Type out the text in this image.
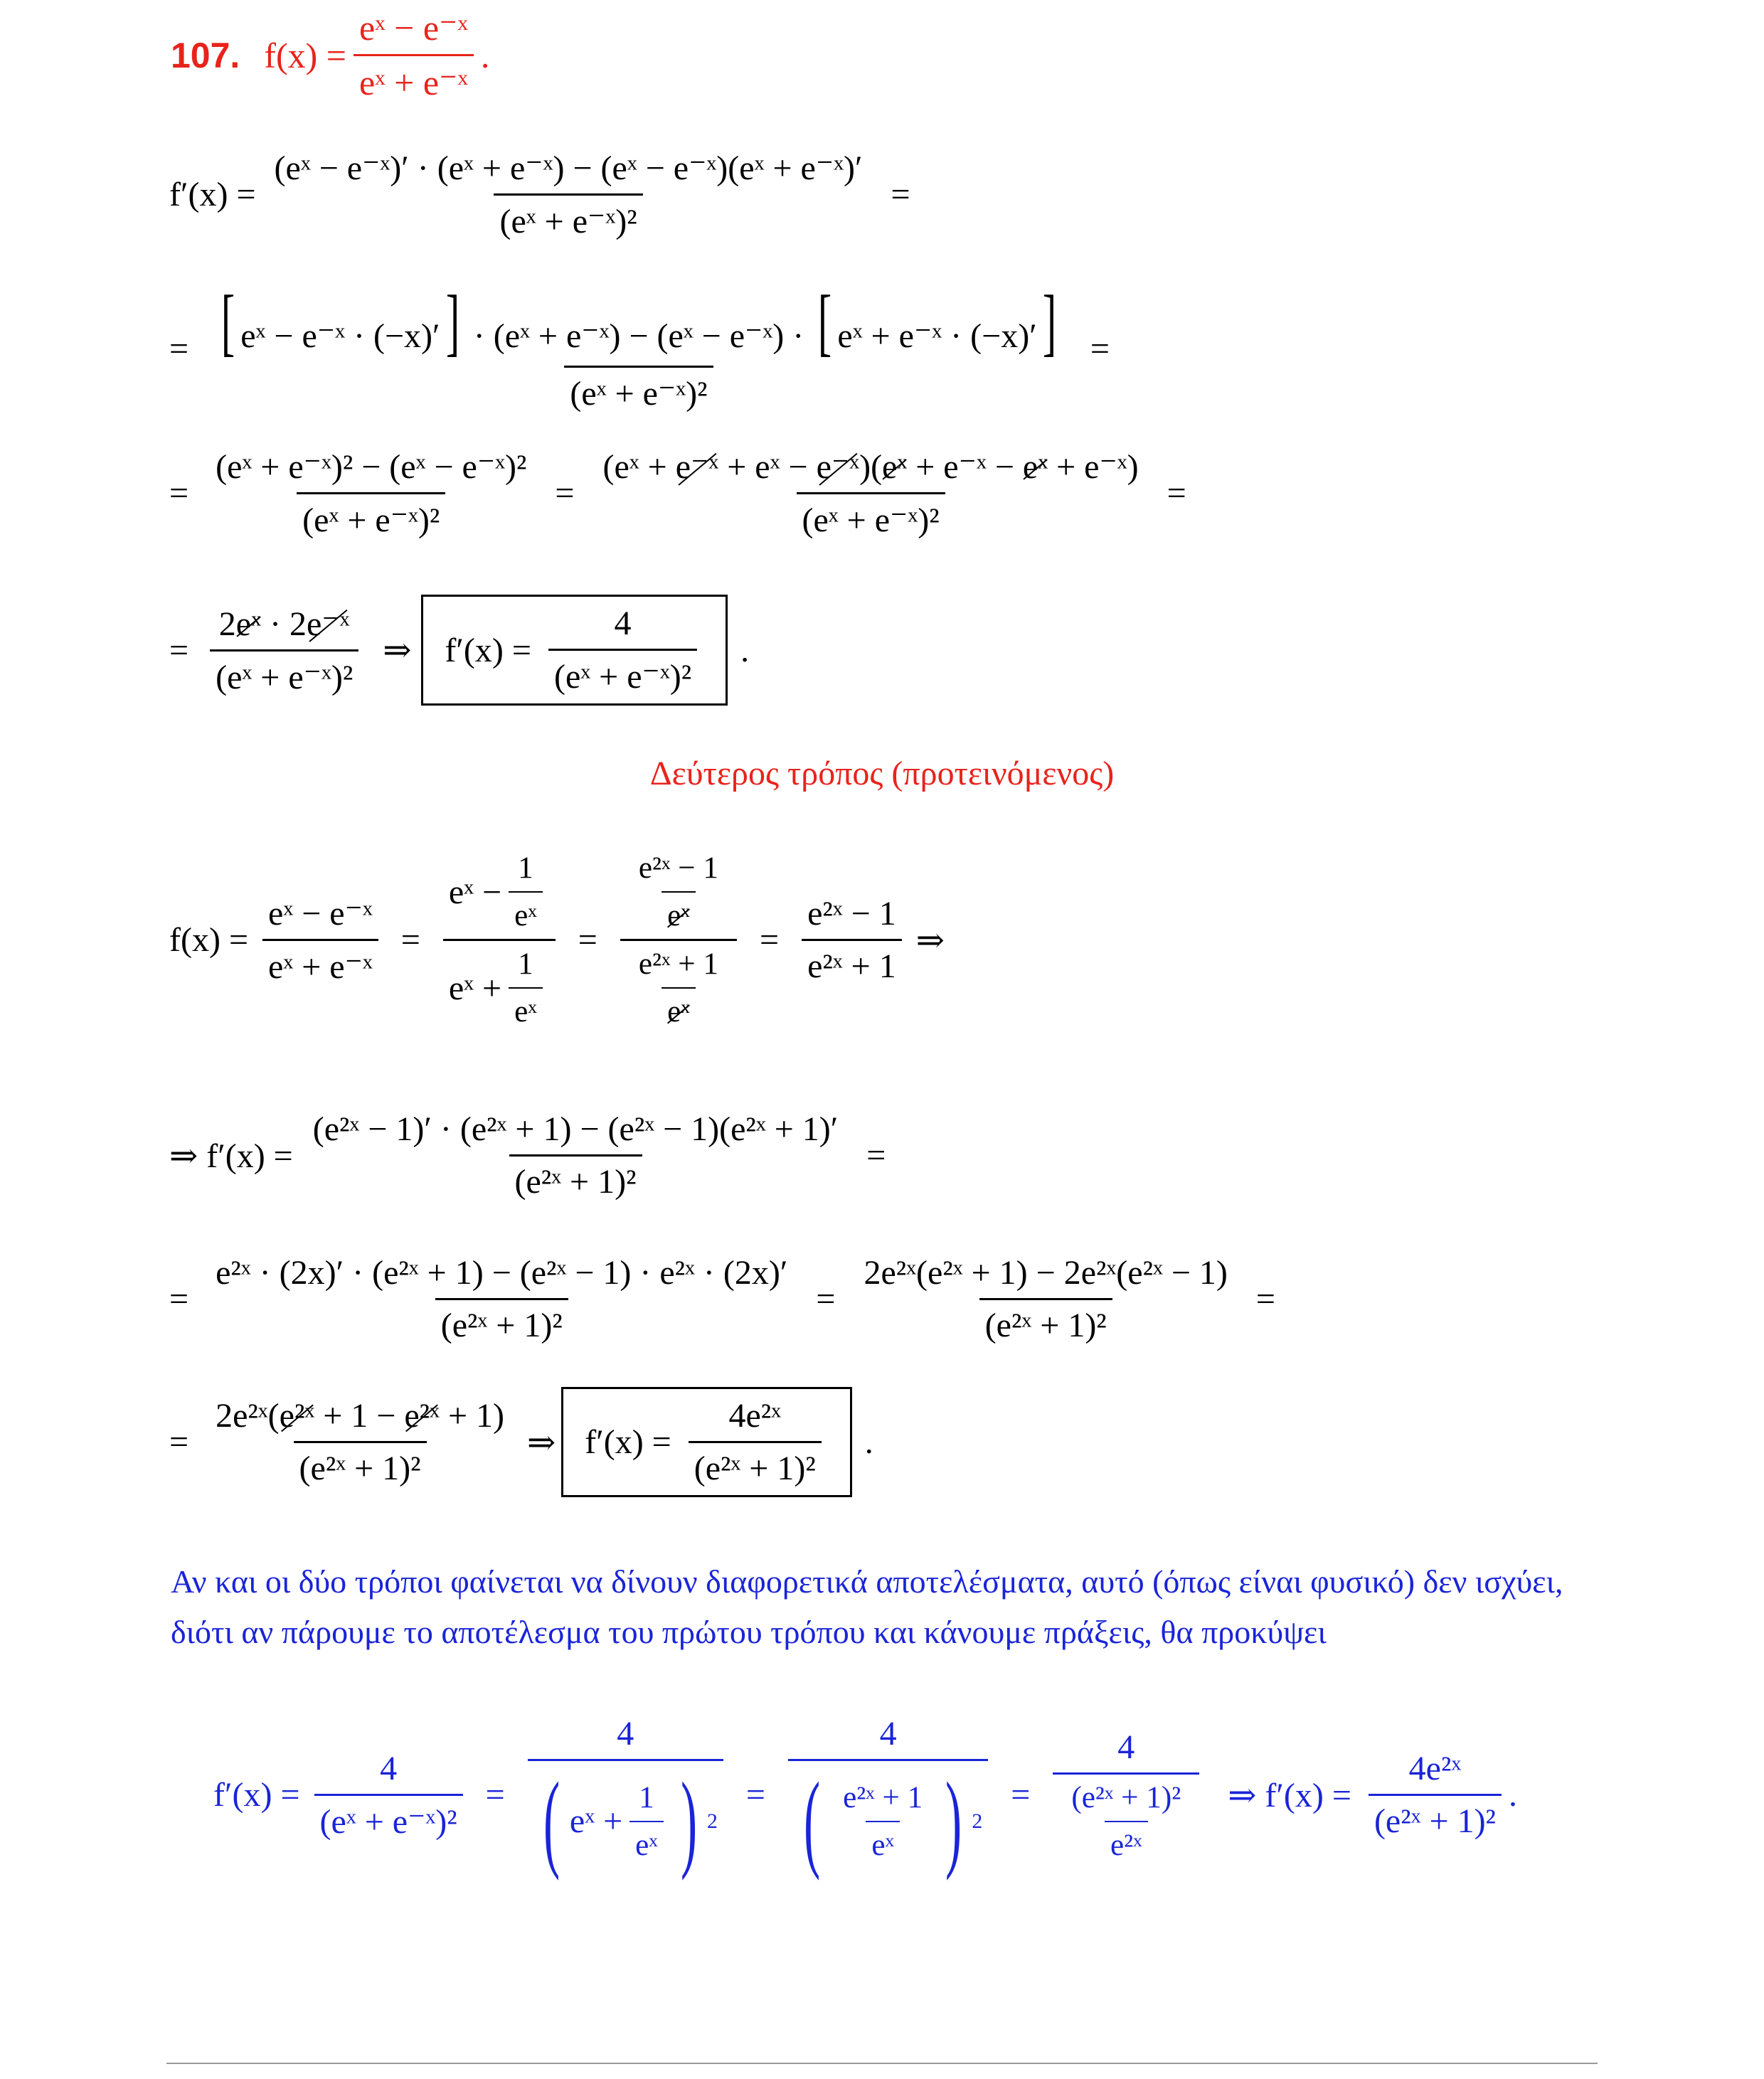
107. $f(x) = \frac{\text{eˣ − e⁻ˣ}}{\text{eˣ + e⁻ˣ}}$ .
$f'(x) = \frac{\text{(eˣ − e⁻ˣ)′ · (eˣ + e⁻ˣ) − (eˣ − e⁻ˣ)(eˣ + e⁻ˣ)′}}{\text{(eˣ + e⁻ˣ)²}}$ =
= [ eˣ − e⁻ˣ · (−x)′] · (eˣ + e⁻ˣ) − (eˣ − e⁻ˣ) · [ eˣ + e⁻ˣ · (−x)′]
(eˣ + e⁻ˣ)²
=
= $\frac{\text{(eˣ + e⁻ˣ)² − (eˣ − e⁻ˣ)²}}{\text{(eˣ + e⁻ˣ)²}}$ =
(eˣ + e⁻ˣ + eˣ − e⁻ˣ)(eˣ + e⁻ˣ − eˣ + e⁻ˣ)
(eˣ + e⁻ˣ)²
=
= $\frac{\text{2eˣ · 2e⁻ˣ}}{\text{(eˣ + e⁻ˣ)²}}$ ⇒ $f'(x) = \frac{4}{\text{(eˣ + e⁻ˣ)²}}$ .
Δεύτερος τρόπος (προτεινόμενος)
$f(x) = \frac{\text{eˣ − e⁻ˣ}}{\text{eˣ + e⁻ˣ}} = \frac{eˣ - \frac{1}{\text{eˣ}}}{eˣ + \frac{1}{\text{eˣ}}} = \frac{\frac{\text{e²ˣ − 1}}{\text{eˣ}}}{\frac{\text{e²ˣ + 1}}{\text{eˣ}}} = \frac{\text{e²ˣ − 1}}{\text{e²ˣ + 1}}$ ⇒
⇒ $f'(x) = \frac{\text{(e²ˣ − 1)′ · (e²ˣ + 1) − (e²ˣ − 1)(e²ˣ + 1)′}}{\text{(e²ˣ + 1)²}}$ =
= $\frac{\text{e²ˣ · (2x)′ · (e²ˣ + 1) − (e²ˣ − 1) · e²ˣ · (2x)′}}{\text{(e²ˣ + 1)²}} = \frac{\text{2e²ˣ(e²ˣ + 1) − 2e²ˣ(e²ˣ − 1)}}{\text{(e²ˣ + 1)²}}$ =
= $\frac{\text{2e²ˣ(e²ˣ + 1 − e²ˣ + 1)}}{\text{(e²ˣ + 1)²}}$ ⇒ $f'(x) = \frac{\text{4e²ˣ}}{\text{(e²ˣ + 1)²}}$ .
Αν και οι δύο τρόποι φαίνεται να δίνουν διαφορετικά αποτελέσματα, αυτό (όπως είναι φυσικό) δεν ισχύει, διότι αν πάρουμε το αποτέλεσμα του πρώτου τρόπου και κάνουμε πράξεις, θα προκύψει
$f'(x) = \frac{4}{\text{(eˣ + e⁻ˣ)²}} = \frac{4}{( eˣ + \frac{1}{\text{eˣ}} ) 2} = \frac{4}{( \frac{\text{e²ˣ + 1}}{\text{eˣ}} ) 2} = \frac{4}{\frac{\text{(e²ˣ + 1)²}}{\text{e²ˣ}}}$ ⇒ $f'(x) = \frac{\text{4e²ˣ}}{\text{(e²ˣ + 1)²}}$ .
